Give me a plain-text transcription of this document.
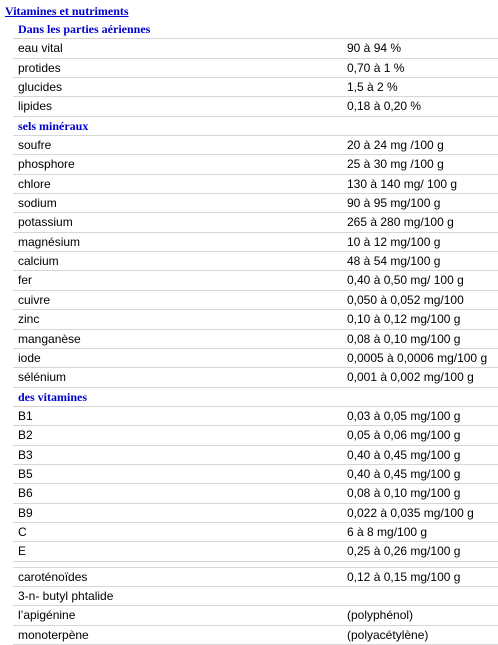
Vitamines et nutriments
Dans les parties aériennes
eau vital	90 à 94 %
protides	0,70 à 1 %
glucides	1,5 à 2 %
lipides	0,18 à 0,20 %
sels minéraux
soufre	20 à 24 mg /100 g
phosphore	25 à 30 mg /100 g
chlore	130 à 140 mg/ 100 g
sodium	90 à 95 mg/100 g
potassium	265 à 280 mg/100 g
magnésium	10 à 12 mg/100 g
calcium	48 à 54 mg/100 g
fer	0,40 à 0,50 mg/ 100 g
cuivre	0,050 à 0,052 mg/100
zinc	0,10 à 0,12 mg/100 g
manganèse	0,08 à 0,10 mg/100 g
iode	0,0005 à 0,0006 mg/100 g
sélénium	0,001 à 0,002 mg/100 g
des vitamines
B1	0,03 à 0,05 mg/100 g
B2	0,05 à 0,06 mg/100 g
B3	0,40 à 0,45 mg/100 g
B5	0,40 à 0,45 mg/100 g
B6	0,08 à 0,10 mg/100 g
B9	0,022 à 0,035 mg/100 g
C	6 à 8 mg/100 g
E	0,25 à 0,26 mg/100 g
caroténoïdes	0,12 à 0,15 mg/100 g
3-n- butyl phtalide
l’apigénine	(polyphénol)
monoterpène	(polyacétylène)
